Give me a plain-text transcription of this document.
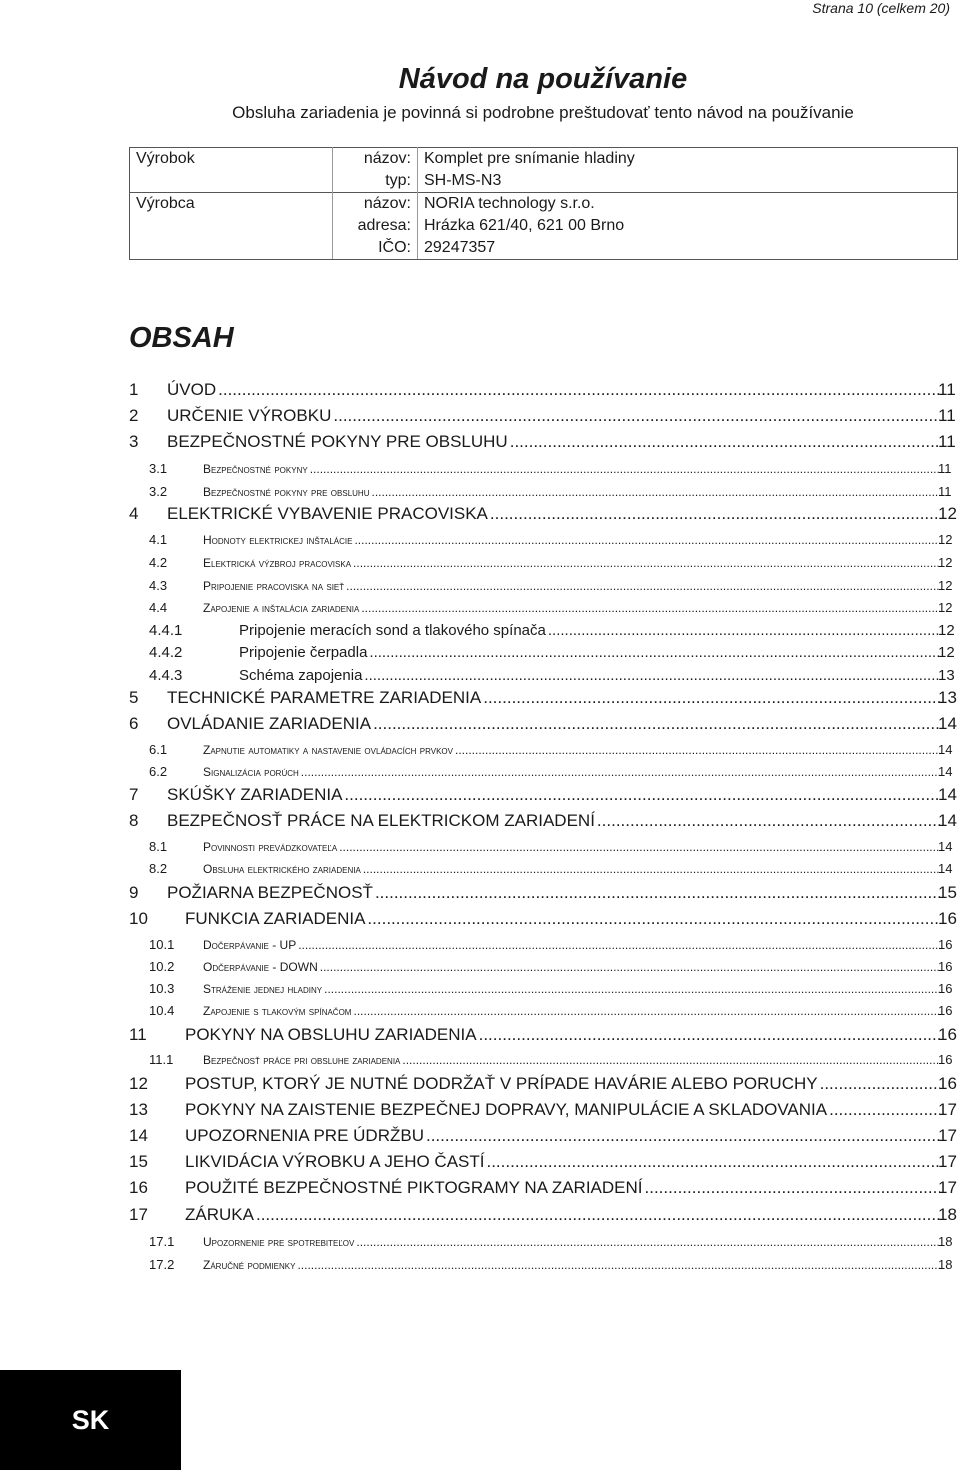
Strana 10 (celkem 20)
Návod na používanie
Obsluha zariadenia je povinná si podrobne preštudovať tento návod na používanie
Výrobok	názov:	Komplet pre snímanie hladiny
	typ:	SH-MS-N3
Výrobca	názov:	NORIA technology s.r.o.
	adresa:	Hrázka 621/40, 621 00 Brno
	IČO:	29247357
OBSAH
1 ÚVOD .....	11
2 URČENIE VÝROBKU .....	11
3 BEZPEČNOSTNÉ POKYNY PRE OBSLUHU .....	11
3.1	Bezpečnostné pokyny .....	11
3.2	Bezpečnostné pokyny pre obsluhu .....	11
4 ELEKTRICKÉ VYBAVENIE PRACOVISKA .....	12
4.1	Hodnoty elektrickej inštalácie .....	12
4.2	Elektrická výzbroj pracoviska .....	12
4.3	Pripojenie pracoviska na sieť .....	12
4.4	Zapojenie a inštalácia zariadenia .....	12
4.4.1	Pripojenie meracích sond a tlakového spínača .....	12
4.4.2	Pripojenie čerpadla .....	12
4.4.3	Schéma zapojenia .....	13
5 TECHNICKÉ PARAMETRE ZARIADENIA .....	13
6 OVLÁDANIE ZARIADENIA .....	14
6.1	Zapnutie automatiky a nastavenie ovládacích prvkov .....	14
6.2	Signalizácia porúch .....	14
7 SKÚŠKY ZARIADENIA .....	14
8 BEZPEČNOSŤ PRÁCE NA ELEKTRICKOM ZARIADENÍ .....	14
8.1	Povinnosti prevádzkovateľa .....	14
8.2	Obsluha elektrického zariadenia .....	14
9 POŽIARNA BEZPEČNOSŤ .....	15
10 FUNKCIA ZARIADENIA .....	16
10.1 Dočerpávanie - UP .....	16
10.2 Odčerpávanie - DOWN .....	16
10.3 Stráženie jednej hladiny .....	16
10.4 Zapojenie s tlakovým spínačom .....	16
11 POKYNY NA OBSLUHU ZARIADENIA .....	16
11.1 Bezpečnosť práce pri obsluhe zariadenia .....	16
12 POSTUP, KTORÝ JE NUTNÉ DODRŽAŤ V PRÍPADE HAVÁRIE ALEBO PORUCHY .....	16
13 POKYNY NA ZAISTENIE BEZPEČNEJ DOPRAVY, MANIPULÁCIE A SKLADOVANIA .....	17
14 UPOZORNENIA PRE ÚDRŽBU .....	17
15 LIKVIDÁCIA VÝROBKU A JEHO ČASTÍ .....	17
16 POUŽITÉ BEZPEČNOSTNÉ PIKTOGRAMY NA ZARIADENÍ .....	17
17 ZÁRUKA .....	18
17.1 Upozornenie pre spotrebiteľov .....	18
17.2 Záručné podmienky .....	18
SK
